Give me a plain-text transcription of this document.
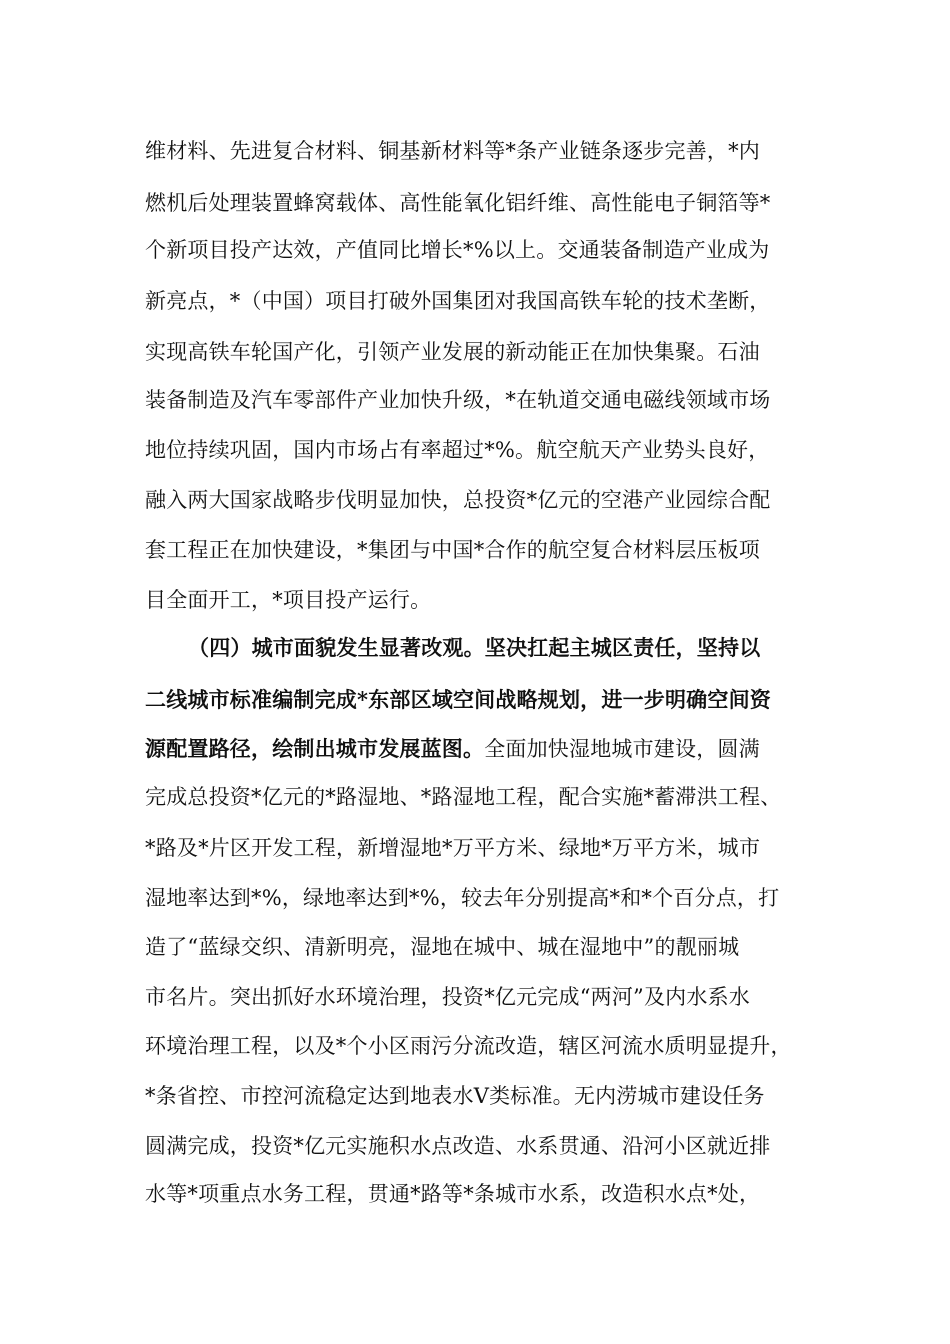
维材料、先进复合材料、铜基新材料等*条产业链条逐步完善，*内
燃机后处理装置蜂窝载体、高性能氧化铝纤维、高性能电子铜箔等*
个新项目投产达效，产值同比增长*%以上。交通装备制造产业成为
新亮点，*（中国）项目打破外国集团对我国高铁车轮的技术垄断，
实现高铁车轮国产化，引领产业发展的新动能正在加快集聚。石油
装备制造及汽车零部件产业加快升级，*在轨道交通电磁线领域市场
地位持续巩固，国内市场占有率超过*%。航空航天产业势头良好，
融入两大国家战略步伐明显加快，总投资*亿元的空港产业园综合配
套工程正在加快建设，*集团与中国*合作的航空复合材料层压板项
目全面开工，*项目投产运行。
（四）城市面貌发生显著改观。坚决扛起主城区责任，坚持以
二线城市标准编制完成*东部区域空间战略规划，进一步明确空间资
源配置路径，绘制出城市发展蓝图。全面加快湿地城市建设，圆满
完成总投资*亿元的*路湿地、*路湿地工程，配合实施*蓄滞洪工程、
*路及*片区开发工程，新增湿地*万平方米、绿地*万平方米，城市
湿地率达到*%，绿地率达到*%，较去年分别提高*和*个百分点，打
造了“蓝绿交织、清新明亮，湿地在城中、城在湿地中”的靓丽城
市名片。突出抓好水环境治理，投资*亿元完成“两河”及内水系水
环境治理工程，以及*个小区雨污分流改造，辖区河流水质明显提升，
*条省控、市控河流稳定达到地表水Ⅴ类标准。无内涝城市建设任务
圆满完成，投资*亿元实施积水点改造、水系贯通、沿河小区就近排
水等*项重点水务工程，贯通*路等*条城市水系，改造积水点*处，
